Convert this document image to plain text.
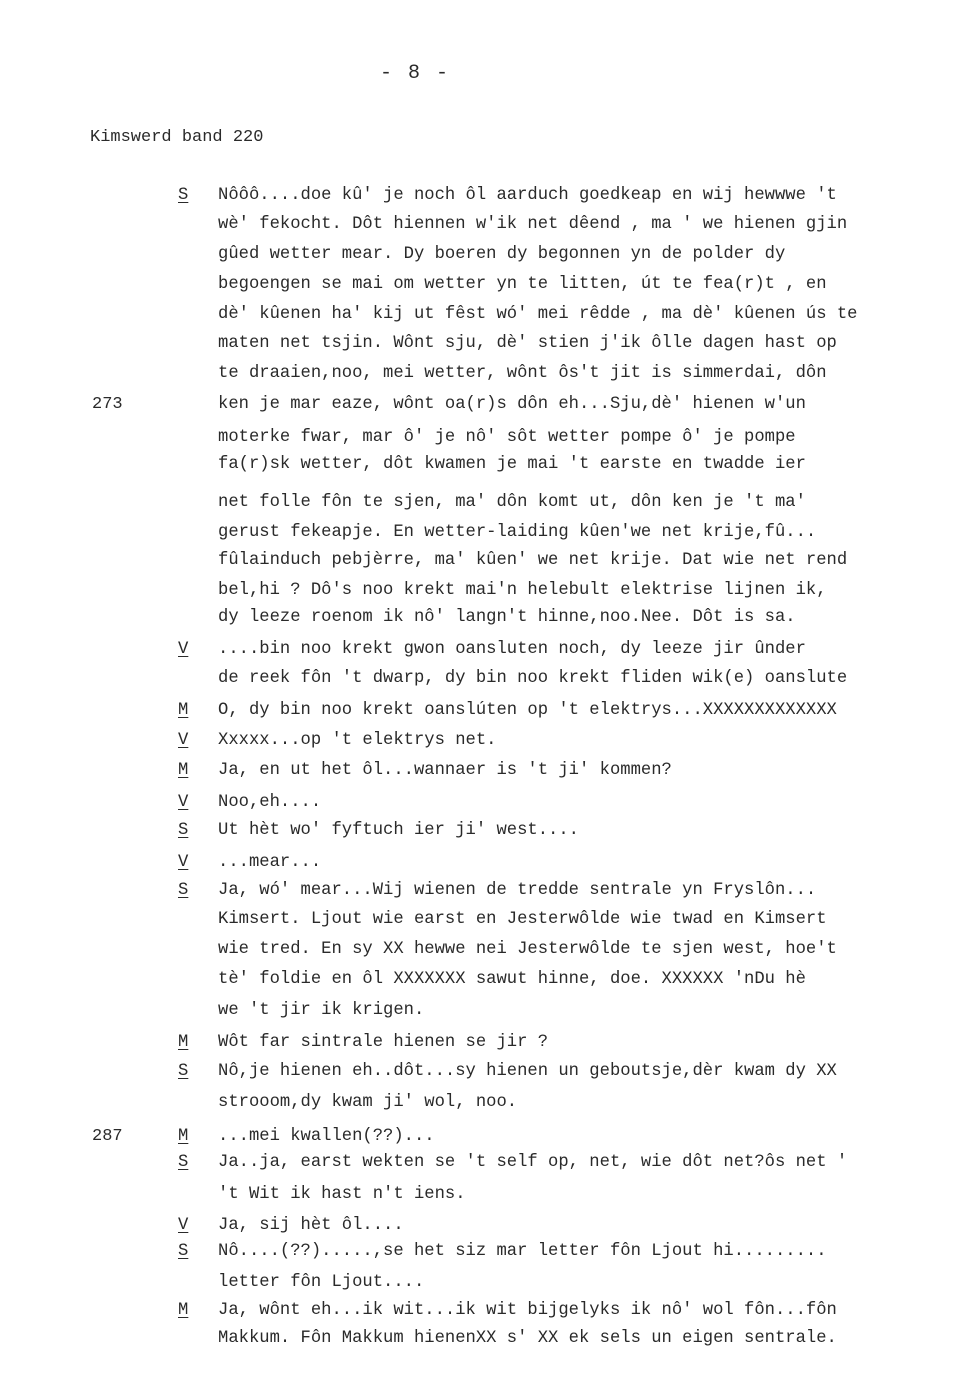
- 8 -
Kimswerd band 220
S	Nôôô....doe kû' je noch ôl aarduch goedkeap en wij hewwwe 't
wè' fekocht. Dôt hiennen w'ik net dêend , ma ' we hienen gjin
gûed wetter mear. Dy boeren dy begonnen yn de polder dy
begoengen se mai om wetter yn te litten, út te fea(r)t , en
dè' kûenen ha' kij ut fêst wó' mei rêdde , ma dè' kûenen ús te
maten net tsjin. Wônt sju, dè' stien j'ik ôlle dagen hast op
te draaien,noo, mei wetter, wônt ôs't jit is simmerdai, dôn
273	ken je mar eaze, wônt oa(r)s dôn eh...Sju,dè' hienen w'un
moterke fwar, mar ô' je nô' sôt wetter pompe ô' je pompe
fa(r)sk wetter, dôt kwamen je mai 't earste en twadde ier
net folle fôn te sjen, ma' dôn komt ut, dôn ken je 't ma'
gerust fekeapje. En wetter-laiding kûen'we net krije,fû...
fûlainduch pebjèrre, ma' kûen' we net krije. Dat wie net rend
bel,hi ? Dô's noo krekt mai'n helebult elektrise lijnen ik,
dy leeze roenom ik nô' langn't hinne,noo.Nee. Dôt is sa.
V	....bin noo krekt gwon oansluten noch, dy leeze jir ûnder
de reek fôn 't dwarp, dy bin noo krekt fliden wik(e) oanslute
M	O, dy bin noo krekt oanslúten op 't elektrys...XXXXXXXXXXXXX
V	Xxxxx...op 't elektrys net.
M	Ja, en ut het ôl...wannaer is 't ji' kommen?
V	Noo,eh....
S	Ut hèt wo' fyftuch ier ji' west....
V	...mear...
S	Ja, wó' mear...Wij wienen de tredde sentrale yn Fryslôn...
Kimsert. Ljout wie earst en Jesterwôlde wie twad en Kimsert
wie tred. En sy XX hewwe nei Jesterwôlde te sjen west, hoe't
tè' foldie en ôl XXXXXXX sawut hinne, doe. XXXXXX 'nDu hè
we 't jir ik krigen.
M	Wôt far sintrale hienen se jir ?
S	Nô,je hienen eh..dôt...sy hienen un geboutsje,dèr kwam dy XX
strooom,dy kwam ji' wol, noo.
287	M	...mei kwallen(??)...
S	Ja..ja, earst wekten se 't self op, net, wie dôt net?ôs net '
't Wit ik hast n't iens.
V	Ja, sij hèt ôl....
S	Nô....(??).....,se het siz mar letter fôn Ljout hi.........
letter fôn Ljout....
M	Ja, wônt eh...ik wit...ik wit bijgelyks ik nô' wol fôn...fôn
Makkum. Fôn Makkum hienenXX s' XX ek sels un eigen sentrale.
